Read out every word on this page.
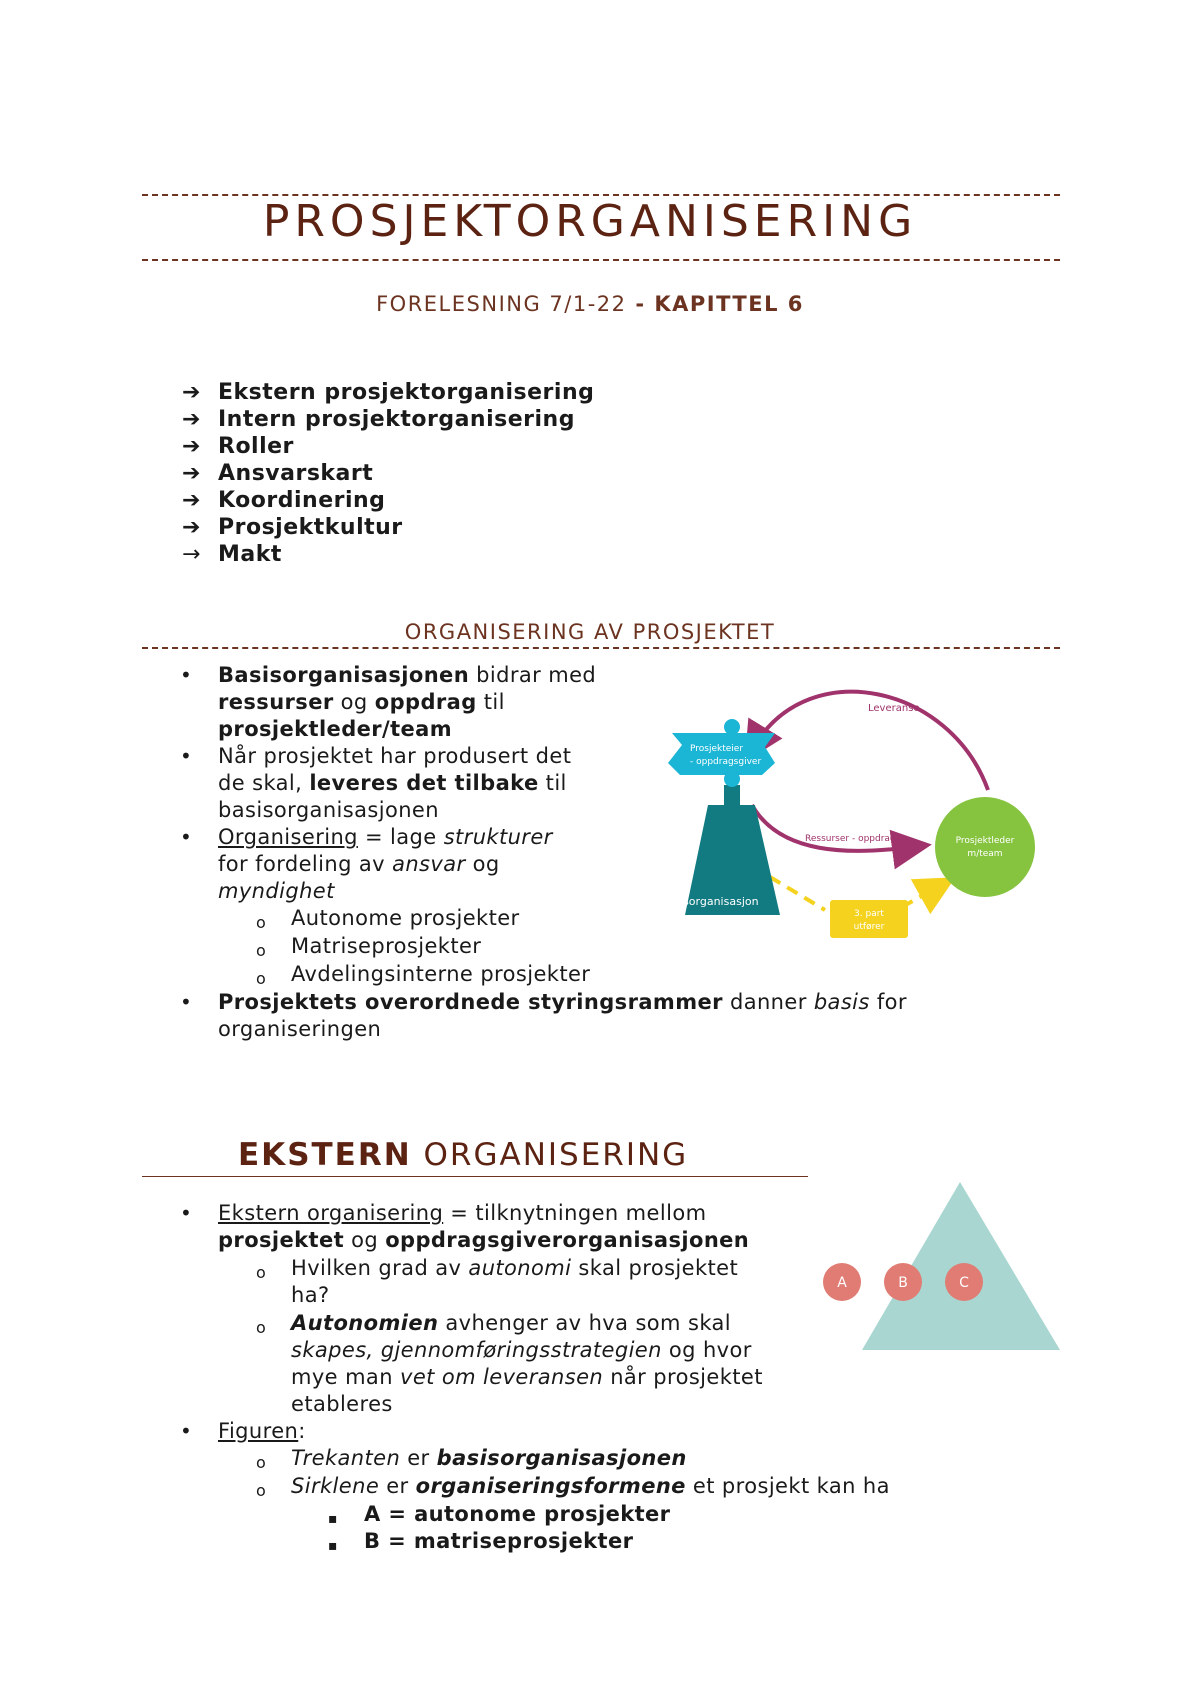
PROSJEKTORGANISERING
FORELESNING 7/1-22 - KAPITTEL 6
➔ Ekstern prosjektorganisering
➔ Intern prosjektorganisering
➔ Roller
➔ Ansvarskart
➔ Koordinering
➔ Prosjektkultur
→ Makt
ORGANISERING AV PROSJEKTET
• Basisorganisasjonen bidrar med
ressurser og oppdrag til
prosjektleder/team
• Når prosjektet har produsert det
de skal, leveres det tilbake til
basisorganisasjonen
• Organisering = lage strukturer
for fordeling av ansvar og
myndighet
o Autonome prosjekter
o Matriseprosjekter
o Avdelingsinterne prosjekter
• Prosjektets overordnede styringsrammer danner basis for
organiseringen
Leveranse
Ressurser - oppdrag
Basisorganisasjon
Prosjekteier
- oppdragsgiver
Prosjektleder
m/team
3. part
utfører
EKSTERN ORGANISERING
• Ekstern organisering = tilknytningen mellom
prosjektet og oppdragsgiverorganisasjonen
o Hvilken grad av autonomi skal prosjektet
ha?
o Autonomien avhenger av hva som skal
skapes, gjennomføringsstrategien og hvor
mye man vet om leveransen når prosjektet
etableres
• Figuren:
o Trekanten er basisorganisasjonen
o Sirklene er organiseringsformene et prosjekt kan ha
▪ A = autonome prosjekter
▪ B = matriseprosjekter
A	B	C
